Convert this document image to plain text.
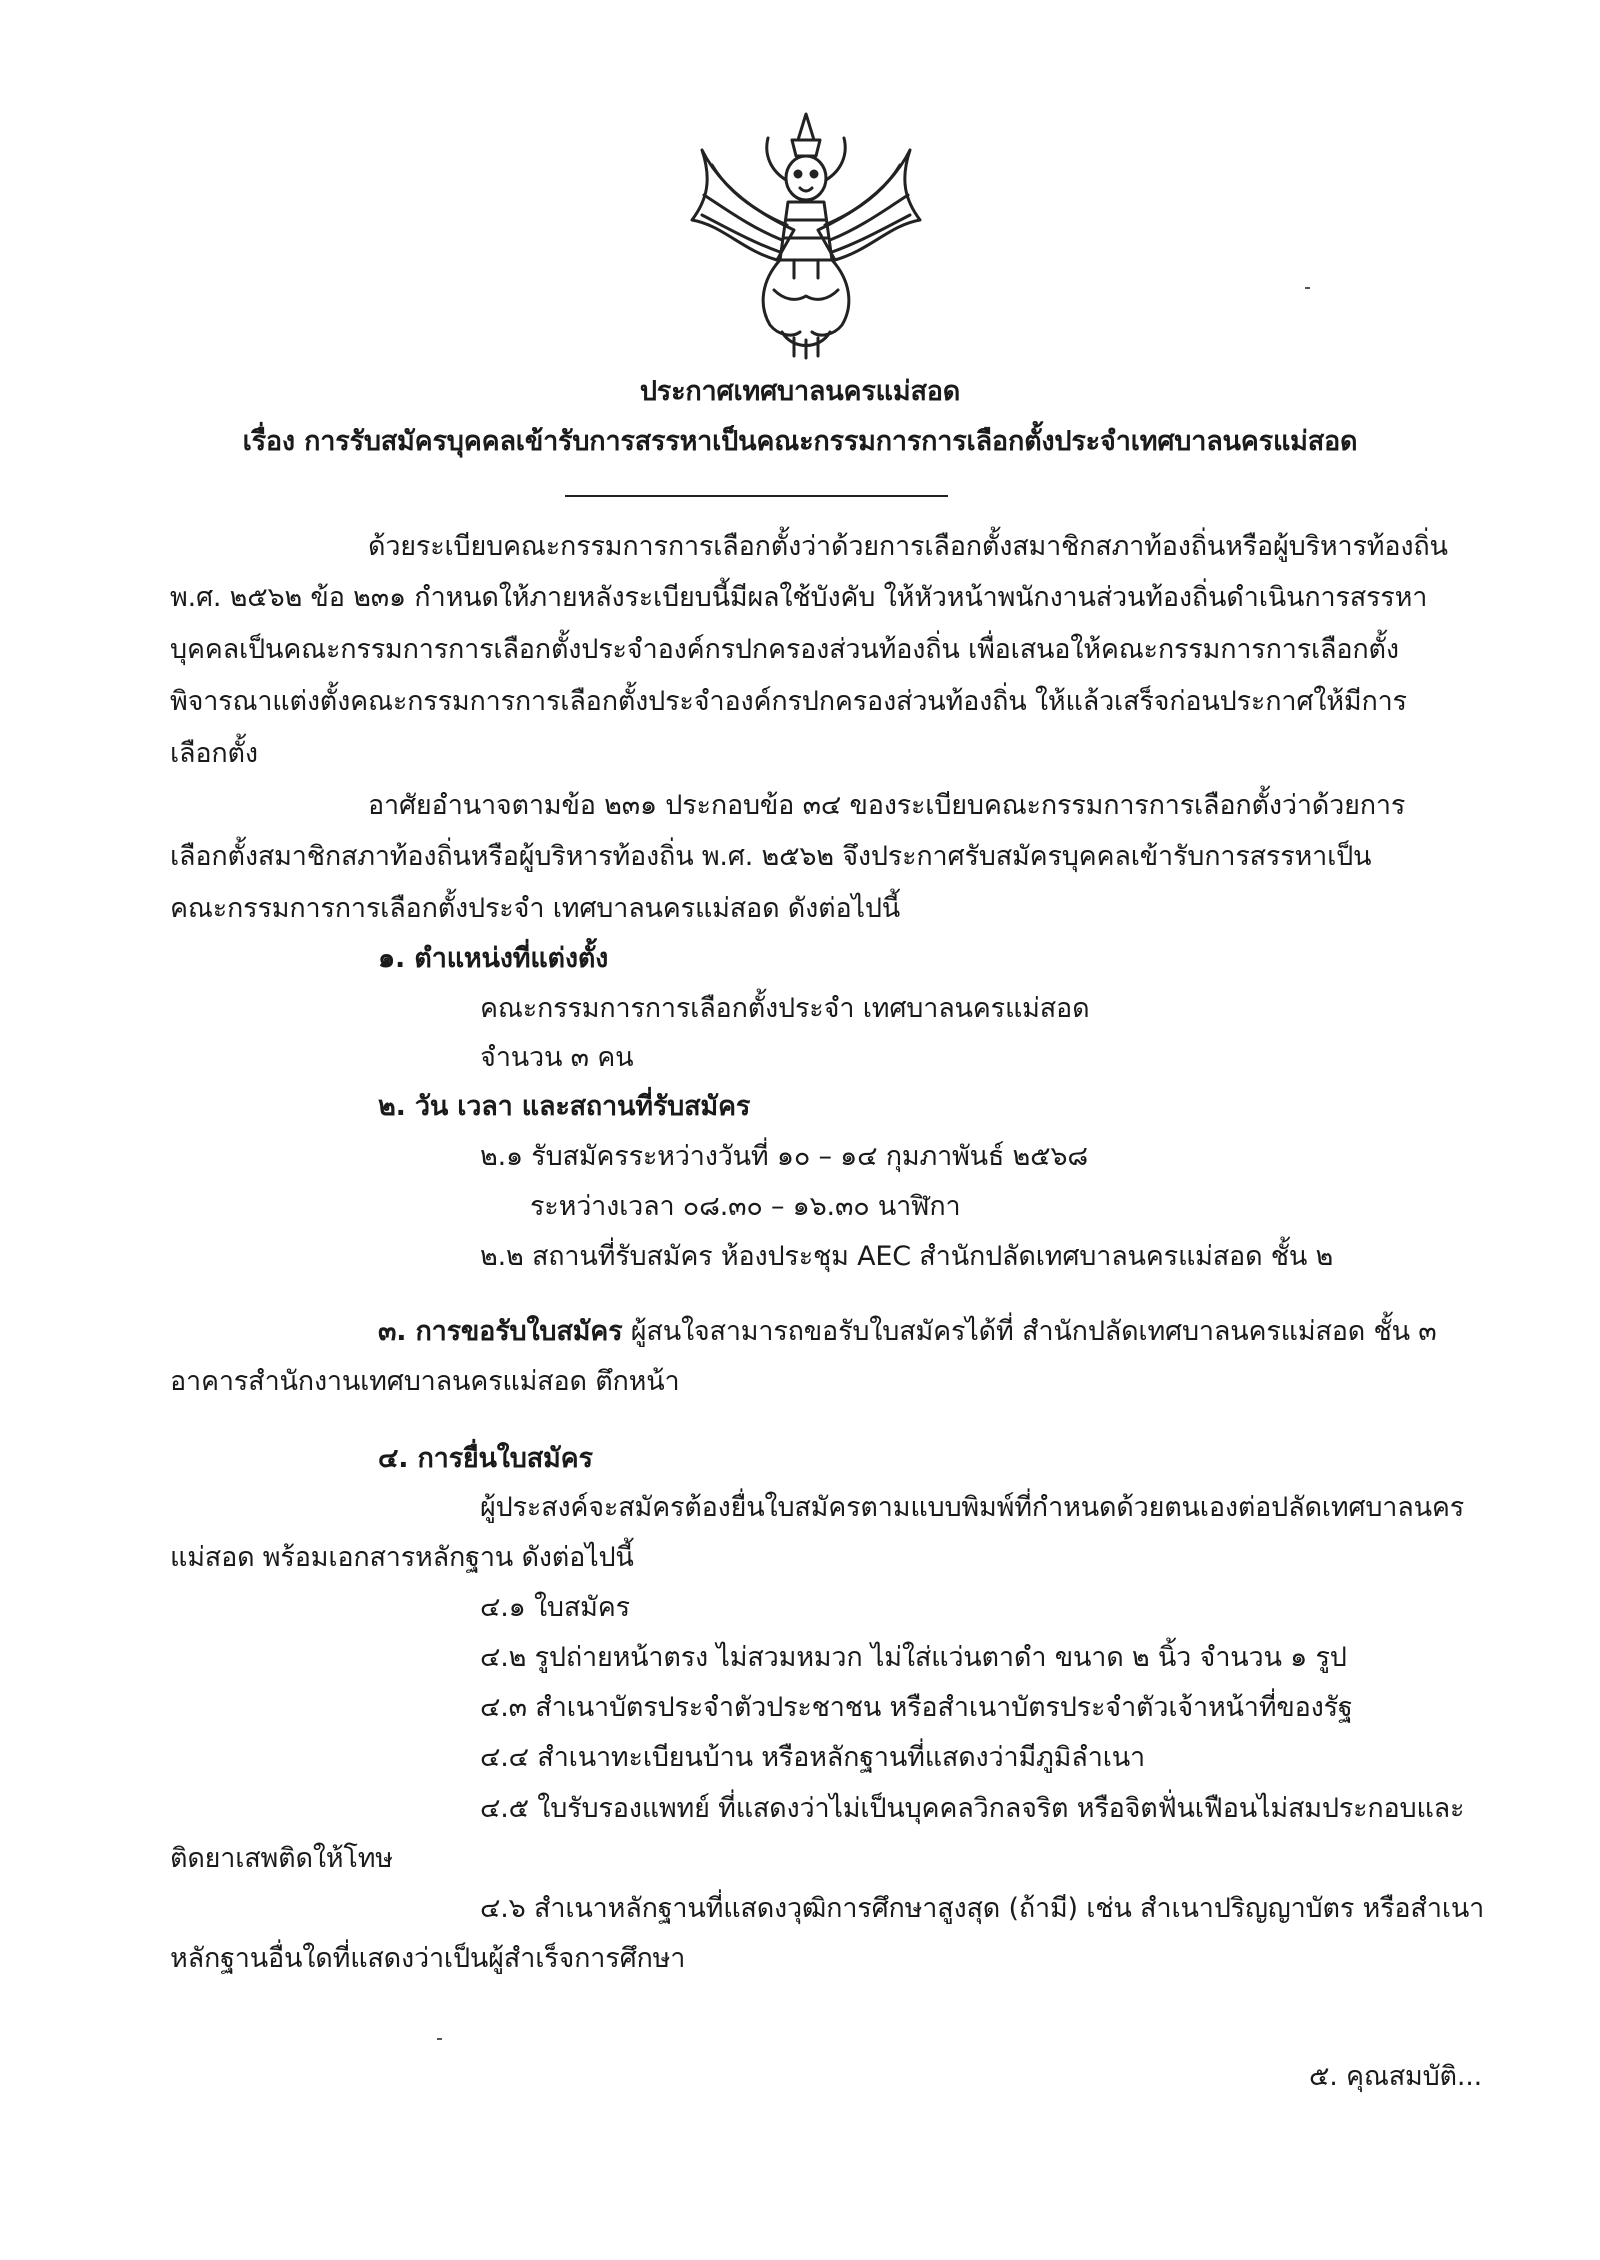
ประกาศเทศบาลนครแม่สอด

เรื่อง การรับสมัครบุคคลเข้ารับการสรรหาเป็นคณะกรรมการการเลือกตั้งประจำเทศบาลนครแม่สอด

ด้วยระเบียบคณะกรรมการการเลือกตั้งว่าด้วยการเลือกตั้งสมาชิกสภาท้องถิ่นหรือผู้บริหารท้องถิ่น

พ.ศ. ๒๕๖๒ ข้อ ๒๓๑ กำหนดให้ภายหลังระเบียบนี้มีผลใช้บังคับ ให้หัวหน้าพนักงานส่วนท้องถิ่นดำเนินการสรรหา

บุคคลเป็นคณะกรรมการการเลือกตั้งประจำองค์กรปกครองส่วนท้องถิ่น เพื่อเสนอให้คณะกรรมการการเลือกตั้ง

พิจารณาแต่งตั้งคณะกรรมการการเลือกตั้งประจำองค์กรปกครองส่วนท้องถิ่น ให้แล้วเสร็จก่อนประกาศให้มีการ

เลือกตั้ง

อาศัยอำนาจตามข้อ ๒๓๑ ประกอบข้อ ๓๔ ของระเบียบคณะกรรมการการเลือกตั้งว่าด้วยการ

เลือกตั้งสมาชิกสภาท้องถิ่นหรือผู้บริหารท้องถิ่น พ.ศ. ๒๕๖๒ จึงประกาศรับสมัครบุคคลเข้ารับการสรรหาเป็น

คณะกรรมการการเลือกตั้งประจำ เทศบาลนครแม่สอด ดังต่อไปนี้

๑. ตำแหน่งที่แต่งตั้ง

คณะกรรมการการเลือกตั้งประจำ เทศบาลนครแม่สอด

จำนวน ๓ คน

๒. วัน เวลา และสถานที่รับสมัคร

๒.๑ รับสมัครระหว่างวันที่ ๑๐ – ๑๔ กุมภาพันธ์ ๒๕๖๘

ระหว่างเวลา ๐๘.๓๐ – ๑๖.๓๐ นาฬิกา

๒.๒ สถานที่รับสมัคร ห้องประชุม AEC สำนักปลัดเทศบาลนครแม่สอด ชั้น ๒

๓. การขอรับใบสมัคร ผู้สนใจสามารถขอรับใบสมัครได้ที่ สำนักปลัดเทศบาลนครแม่สอด ชั้น ๓

อาคารสำนักงานเทศบาลนครแม่สอด ตึกหน้า

๔. การยื่นใบสมัคร

ผู้ประสงค์จะสมัครต้องยื่นใบสมัครตามแบบพิมพ์ที่กำหนดด้วยตนเองต่อปลัดเทศบาลนคร

แม่สอด พร้อมเอกสารหลักฐาน ดังต่อไปนี้

๔.๑ ใบสมัคร

๔.๒ รูปถ่ายหน้าตรง ไม่สวมหมวก ไม่ใส่แว่นตาดำ ขนาด ๒ นิ้ว จำนวน ๑ รูป

๔.๓ สำเนาบัตรประจำตัวประชาชน หรือสำเนาบัตรประจำตัวเจ้าหน้าที่ของรัฐ

๔.๔ สำเนาทะเบียนบ้าน หรือหลักฐานที่แสดงว่ามีภูมิลำเนา

๔.๕ ใบรับรองแพทย์ ที่แสดงว่าไม่เป็นบุคคลวิกลจริต หรือจิตฟั่นเฟือนไม่สมประกอบและ

ติดยาเสพติดให้โทษ

๔.๖ สำเนาหลักฐานที่แสดงวุฒิการศึกษาสูงสุด (ถ้ามี) เช่น สำเนาปริญญาบัตร หรือสำเนา

หลักฐานอื่นใดที่แสดงว่าเป็นผู้สำเร็จการศึกษา

๕. คุณสมบัติ...
